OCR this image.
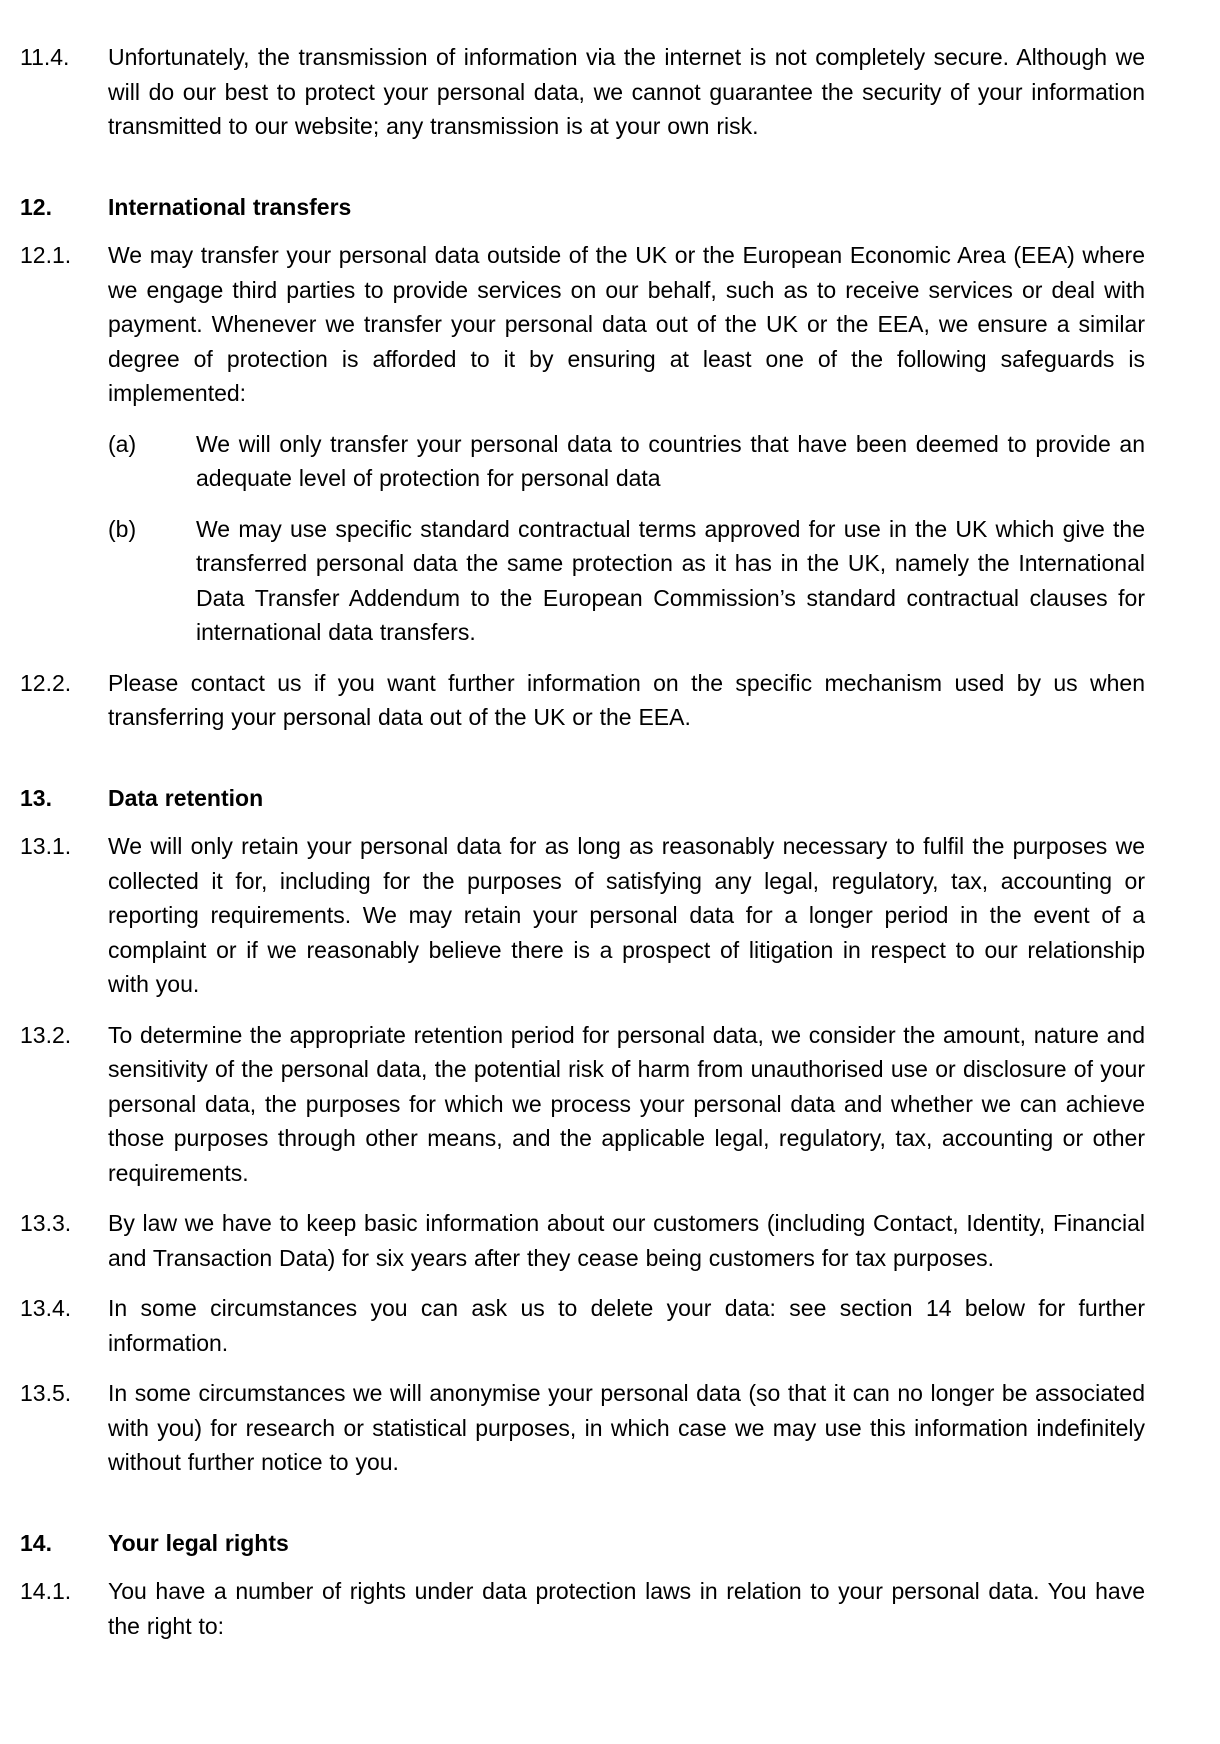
11.4.	Unfortunately, the transmission of information via the internet is not completely secure. Although we will do our best to protect your personal data, we cannot guarantee the security of your information transmitted to our website; any transmission is at your own risk.
12.	International transfers
12.1.	We may transfer your personal data outside of the UK or the European Economic Area (EEA) where we engage third parties to provide services on our behalf, such as to receive services or deal with payment. Whenever we transfer your personal data out of the UK or the EEA, we ensure a similar degree of protection is afforded to it by ensuring at least one of the following safeguards is implemented:
(a)	We will only transfer your personal data to countries that have been deemed to provide an adequate level of protection for personal data
(b)	We may use specific standard contractual terms approved for use in the UK which give the transferred personal data the same protection as it has in the UK, namely the International Data Transfer Addendum to the European Commission’s standard contractual clauses for international data transfers.
12.2.	Please contact us if you want further information on the specific mechanism used by us when transferring your personal data out of the UK or the EEA.
13.	Data retention
13.1.	We will only retain your personal data for as long as reasonably necessary to fulfil the purposes we collected it for, including for the purposes of satisfying any legal, regulatory, tax, accounting or reporting requirements. We may retain your personal data for a longer period in the event of a complaint or if we reasonably believe there is a prospect of litigation in respect to our relationship with you.
13.2.	To determine the appropriate retention period for personal data, we consider the amount, nature and sensitivity of the personal data, the potential risk of harm from unauthorised use or disclosure of your personal data, the purposes for which we process your personal data and whether we can achieve those purposes through other means, and the applicable legal, regulatory, tax, accounting or other requirements.
13.3.	By law we have to keep basic information about our customers (including Contact, Identity, Financial and Transaction Data) for six years after they cease being customers for tax purposes.
13.4.	In some circumstances you can ask us to delete your data: see section 14 below for further information.
13.5.	In some circumstances we will anonymise your personal data (so that it can no longer be associated with you) for research or statistical purposes, in which case we may use this information indefinitely without further notice to you.
14.	Your legal rights
14.1.	You have a number of rights under data protection laws in relation to your personal data. You have the right to:
